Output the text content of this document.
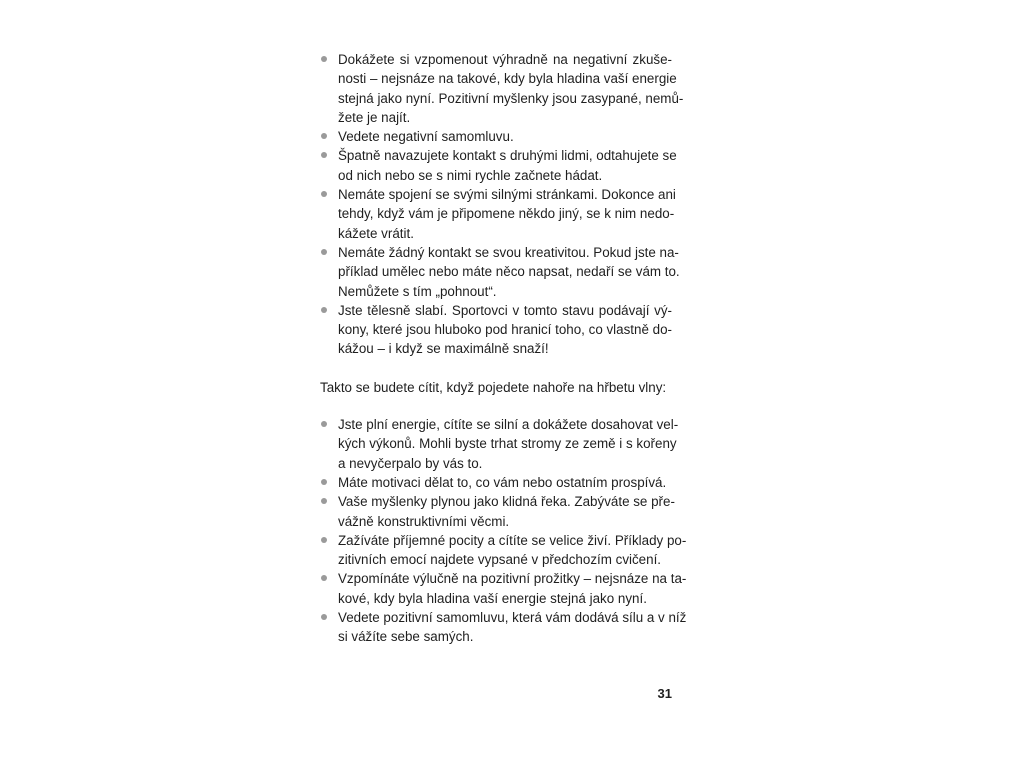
Dokážete si vzpomenout výhradně na negativní zkuše-
nosti – nejsnáze na takové, kdy byla hladina vaší energie
stejná jako nyní. Pozitivní myšlenky jsou zasypané, nemů-
žete je najít.
Vedete negativní samomluvu.
Špatně navazujete kontakt s druhými lidmi, odtahujete se
od nich nebo se s nimi rychle začnete hádat.
Nemáte spojení se svými silnými stránkami. Dokonce ani
tehdy, když vám je připomene někdo jiný, se k nim nedo-
kážete vrátit.
Nemáte žádný kontakt se svou kreativitou. Pokud jste na-
příklad umělec nebo máte něco napsat, nedaří se vám to.
Nemůžete s tím „pohnout“.
Jste tělesně slabí. Sportovci v tomto stavu podávají vý-
kony, které jsou hluboko pod hranicí toho, co vlastně do-
kážou – i když se maximálně snaží!
Takto se budete cítit, když pojedete nahoře na hřbetu vlny:
Jste plní energie, cítíte se silní a dokážete dosahovat vel-
kých výkonů. Mohli byste trhat stromy ze země i s kořeny
a nevyčerpalo by vás to.
Máte motivaci dělat to, co vám nebo ostatním prospívá.
Vaše myšlenky plynou jako klidná řeka. Zabýváte se pře-
vážně konstruktivními věcmi.
Zažíváte příjemné pocity a cítíte se velice živí. Příklady po-
zitivních emocí najdete vypsané v předchozím cvičení.
Vzpomínáte výlučně na pozitivní prožitky – nejsnáze na ta-
kové, kdy byla hladina vaší energie stejná jako nyní.
Vedete pozitivní samomluvu, která vám dodává sílu a v níž
si vážíte sebe samých.
31
